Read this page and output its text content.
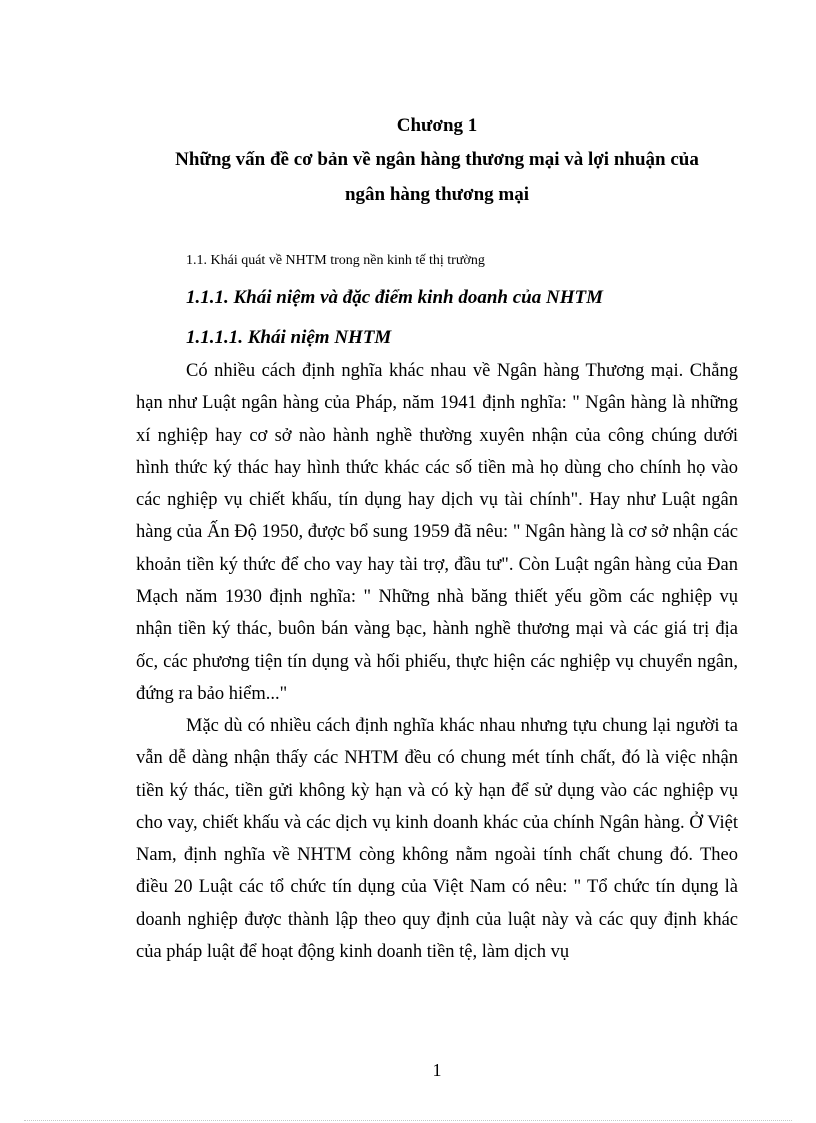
Chương 1
Những vấn đề cơ bản về ngân hàng thương mại và lợi nhuận của
ngân hàng thương mại
1.1. Khái quát về NHTM trong nền kinh tế thị trường
1.1.1. Khái niệm và đặc điểm kinh doanh của NHTM
1.1.1.1. Khái niệm NHTM

Có nhiều cách định nghĩa khác nhau về Ngân hàng Thương mại. Chẳng hạn như Luật ngân hàng của Pháp, năm 1941 định nghĩa: " Ngân hàng là những xí nghiệp hay cơ sở nào hành nghề thường xuyên nhận của công chúng dưới hình thức ký thác hay hình thức khác các số tiền mà họ dùng cho chính họ vào các nghiệp vụ chiết khấu, tín dụng hay dịch vụ tài chính". Hay như Luật ngân hàng của Ấn Độ 1950, được bổ sung 1959 đã nêu: " Ngân hàng là cơ sở nhận các khoản tiền ký thức để cho vay hay tài trợ, đầu tư". Còn Luật ngân hàng của Đan Mạch năm 1930 định nghĩa: " Những nhà băng thiết yếu gồm các nghiệp vụ nhận tiền ký thác, buôn bán vàng bạc, hành nghề thương mại và các giá trị địa ốc, các phương tiện tín dụng và hối phiếu, thực hiện các nghiệp vụ chuyển ngân, đứng ra bảo hiểm..."

Mặc dù có nhiều cách định nghĩa khác nhau nhưng tựu chung lại người ta vẫn dễ dàng nhận thấy các NHTM đều có chung mét tính chất, đó là việc nhận tiền ký thác, tiền gửi không kỳ hạn và có kỳ hạn để sử dụng vào các nghiệp vụ cho vay, chiết khấu và các dịch vụ kinh doanh khác của chính Ngân hàng. Ở Việt Nam, định nghĩa về NHTM còng không nằm ngoài tính chất chung đó. Theo điều 20 Luật các tổ chức tín dụng của Việt Nam có nêu: " Tổ chức tín dụng là doanh nghiệp được thành lập theo quy định của luật này và các quy định khác của pháp luật để hoạt động kinh doanh tiền tệ, làm dịch vụ

1
